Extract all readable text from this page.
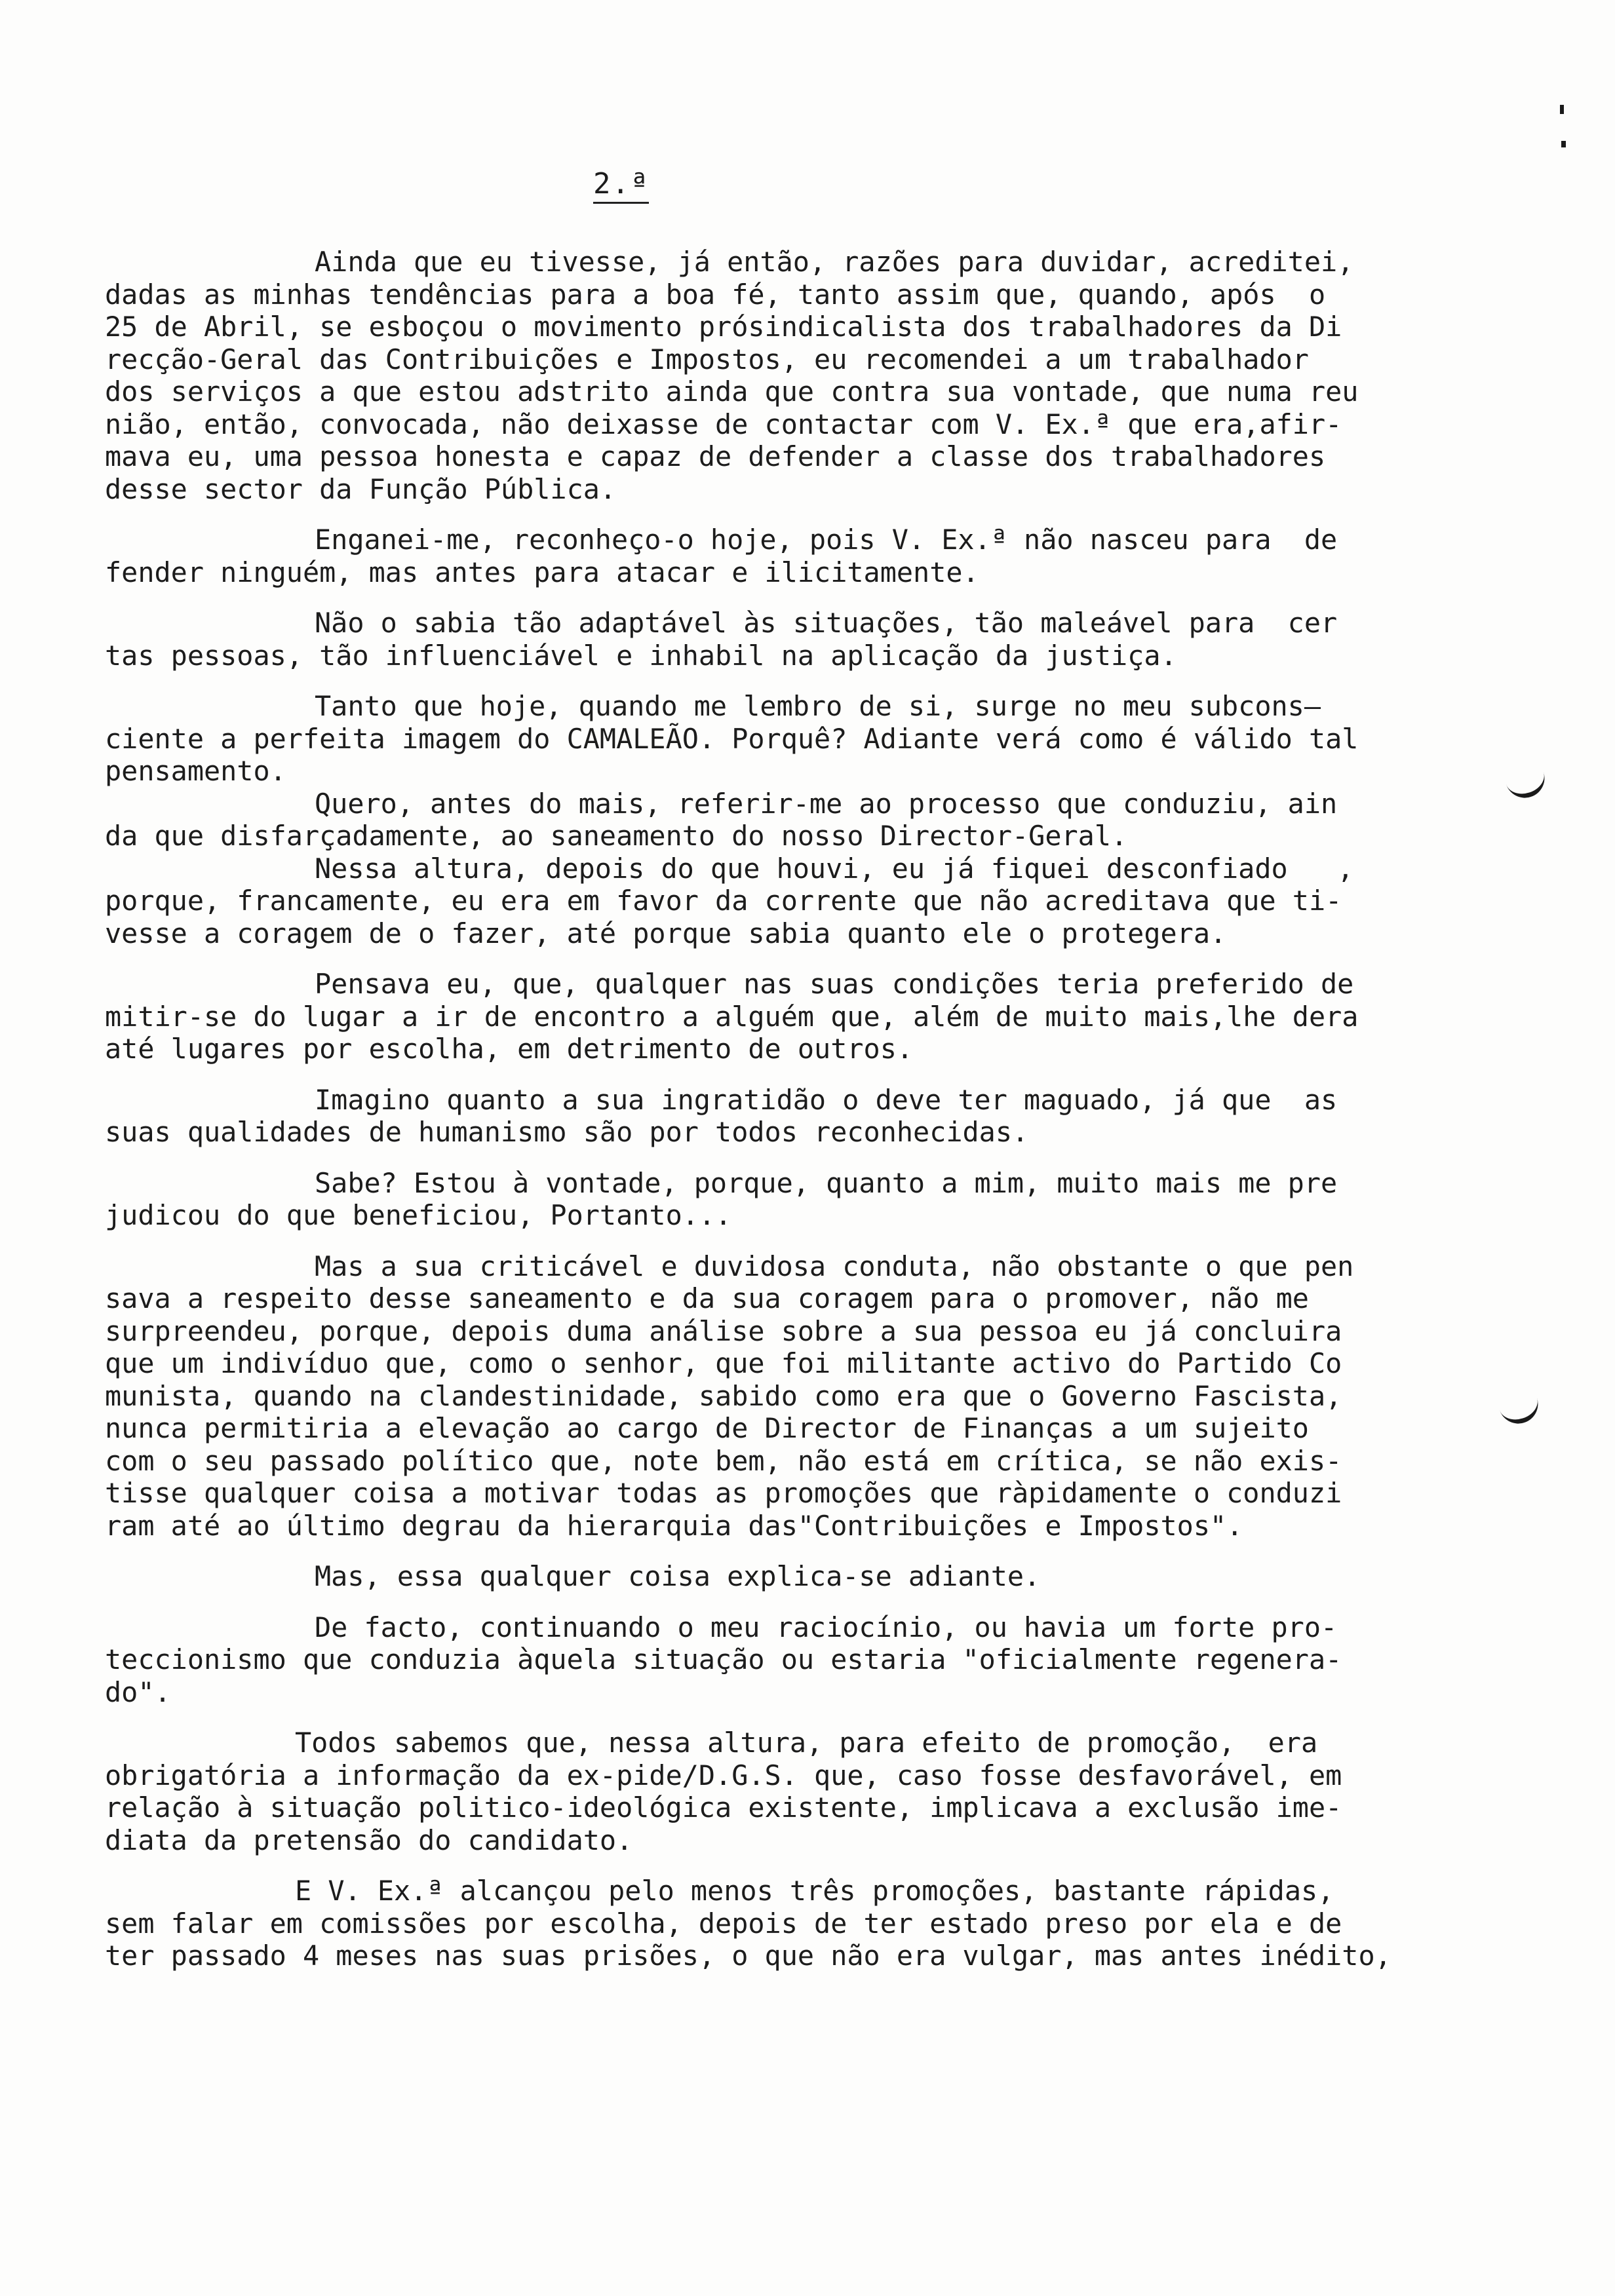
2.ª
Ainda que eu tivesse, já então, razões para duvidar, acreditei,
dadas as minhas tendências para a boa fé, tanto assim que, quando, após  o
25 de Abril, se esboçou o movimento prósindicalista dos trabalhadores da Di
recção-Geral das Contribuições e Impostos, eu recomendei a um trabalhador
dos serviços a que estou adstrito ainda que contra sua vontade, que numa reu
nião, então, convocada, não deixasse de contactar com V. Ex.ª que era,afir-
mava eu, uma pessoa honesta e capaz de defender a classe dos trabalhadores
desse sector da Função Pública.
Enganei-me, reconheço-o hoje, pois V. Ex.ª não nasceu para  de
fender ninguém, mas antes para atacar e ilicitamente.
Não o sabia tão adaptável às situações, tão maleável para  cer
tas pessoas, tão influenciável e inhabil na aplicação da justiça.
Tanto que hoje, quando me lembro de si, surge no meu subcons—
ciente a perfeita imagem do CAMALEÃO. Porquê? Adiante verá como é válido tal
pensamento.
Quero, antes do mais, referir-me ao processo que conduziu, ain
da que disfarçadamente, ao saneamento do nosso Director-Geral.
Nessa altura, depois do que houvi, eu já fiquei desconfiado   ,
porque, francamente, eu era em favor da corrente que não acreditava que ti-
vesse a coragem de o fazer, até porque sabia quanto ele o protegera.
Pensava eu, que, qualquer nas suas condições teria preferido de
mitir-se do lugar a ir de encontro a alguém que, além de muito mais,lhe dera
até lugares por escolha, em detrimento de outros.
Imagino quanto a sua ingratidão o deve ter maguado, já que  as
suas qualidades de humanismo são por todos reconhecidas.
Sabe? Estou à vontade, porque, quanto a mim, muito mais me pre
judicou do que beneficiou, Portanto...
Mas a sua criticável e duvidosa conduta, não obstante o que pen
sava a respeito desse saneamento e da sua coragem para o promover, não me
surpreendeu, porque, depois duma análise sobre a sua pessoa eu já concluira
que um indivíduo que, como o senhor, que foi militante activo do Partido Co
munista, quando na clandestinidade, sabido como era que o Governo Fascista,
nunca permitiria a elevação ao cargo de Director de Finanças a um sujeito
com o seu passado político que, note bem, não está em crítica, se não exis-
tisse qualquer coisa a motivar todas as promoções que ràpidamente o conduzi
ram até ao último degrau da hierarquia das"Contribuições e Impostos".
Mas, essa qualquer coisa explica-se adiante.
De facto, continuando o meu raciocínio, ou havia um forte pro-
teccionismo que conduzia àquela situação ou estaria "oficialmente regenera-
do".
Todos sabemos que, nessa altura, para efeito de promoção,  era
obrigatória a informação da ex-pide/D.G.S. que, caso fosse desfavorável, em
relação à situação politico-ideológica existente, implicava a exclusão ime-
diata da pretensão do candidato.
E V. Ex.ª alcançou pelo menos três promoções, bastante rápidas,
sem falar em comissões por escolha, depois de ter estado preso por ela e de
ter passado 4 meses nas suas prisões, o que não era vulgar, mas antes inédito,
